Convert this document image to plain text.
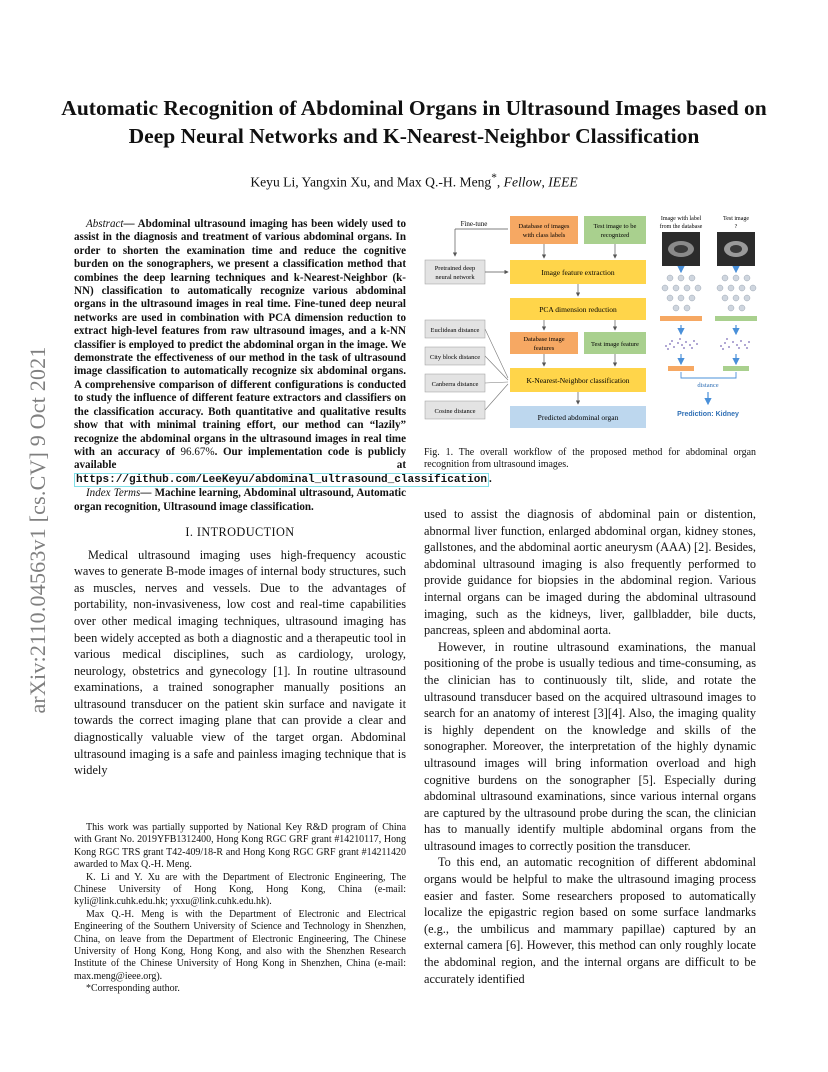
arXiv:2110.04563v1 [cs.CV] 9 Oct 2021
Automatic Recognition of Abdominal Organs in Ultrasound Images based on Deep Neural Networks and K-Nearest-Neighbor Classification
Keyu Li, Yangxin Xu, and Max Q.-H. Meng*, Fellow, IEEE

Abstract— Abdominal ultrasound imaging has been widely used to assist in the diagnosis and treatment of various abdominal organs. In order to shorten the examination time and reduce the cognitive burden on the sonographers, we present a classification method that combines the deep learning techniques and k-Nearest-Neighbor (k-NN) classification to automatically recognize various abdominal organs in the ultrasound images in real time. Fine-tuned deep neural networks are used in combination with PCA dimension reduction to extract high-level features from raw ultrasound images, and a k-NN classifier is employed to predict the abdominal organ in the image. We demonstrate the effectiveness of our method in the task of ultrasound image classification to automatically recognize six abdominal organs. A comprehensive comparison of different configurations is conducted to study the influence of different feature extractors and classifiers on the classification accuracy. Both quantitative and qualitative results show that with minimal training effort, our method can “lazily” recognize the abdominal organs in the ultrasound images in real time with an accuracy of 96.67%. Our implementation code is publicly available at https://github.com/LeeKeyu/abdominal_ultrasound_classification .

Index Terms— Machine learning, Abdominal ultrasound, Automatic organ recognition, Ultrasound image classification.

I. INTRODUCTION

Medical ultrasound imaging uses high-frequency acoustic waves to generate B-mode images of internal body structures, such as muscles, nerves and vessels. Due to the advantages of portability, non-invasiveness, low cost and real-time capabilities over other medical imaging techniques, ultrasound imaging has been widely accepted as both a diagnostic and a therapeutic tool in various medical disciplines, such as cardiology, urology, neurology, obstetrics and gynecology [1]. In routine ultrasound examinations, a trained sonographer manually positions an ultrasound transducer on the patient skin surface and navigate it towards the correct imaging plane that can provide a clear and diagnostically valuable view of the target organ. Abdominal ultrasound imaging is a safe and painless imaging technique that is widely

This work was partially supported by National Key R&D program of China with Grant No. 2019YFB1312400, Hong Kong RGC GRF grant #14210117, Hong Kong RGC TRS grant T42-409/18-R and Hong Kong RGC GRF grant #14211420 awarded to Max Q.-H. Meng.

K. Li and Y. Xu are with the Department of Electronic Engineering, The Chinese University of Hong Kong, Hong Kong, China (e-mail: kyli@link.cuhk.edu.hk; yxxu@link.cuhk.edu.hk).

Max Q.-H. Meng is with the Department of Electronic and Electrical Engineering of the Southern University of Science and Technology in Shenzhen, China, on leave from the Department of Electronic Engineering, The Chinese University of Hong Kong, Hong Kong, and also with the Shenzhen Research Institute of the Chinese University of Hong Kong in Shenzhen, China (e-mail: max.meng@ieee.org).

*Corresponding author.

Fine-tune	Database of images
with class labels
Test image to be
recognized
Pretrained deep
neural network
Image feature extraction
PCA dimension reduction
Database image
features
Test image feature
Euclidean distance
City block distance
Canberra distance
Cosine distance
K-Nearest-Neighbor classification
Predicted abdominal organ
Image with label
from the database
Test image
?
distance
Prediction: Kidney
Fig. 1. The overall workflow of the proposed method for abdominal organ recognition from ultrasound images.

used to assist the diagnosis of abdominal pain or distention, abnormal liver function, enlarged abdominal organ, kidney stones, gallstones, and the abdominal aortic aneurysm (AAA) [2]. Besides, abdominal ultrasound imaging is also frequently performed to provide guidance for biopsies in the abdominal region. Various internal organs can be imaged during the abdominal ultrasound imaging, such as the kidneys, liver, gallbladder, bile ducts, pancreas, spleen and abdominal aorta.

However, in routine ultrasound examinations, the manual positioning of the probe is usually tedious and time-consuming, as the clinician has to continuously tilt, slide, and rotate the ultrasound transducer based on the acquired ultrasound images to search for an anatomy of interest [3][4]. Also, the imaging quality is highly dependent on the knowledge and skills of the sonographer. Moreover, the interpretation of the highly dynamic ultrasound images will bring information overload and high cognitive burdens on the sonographer [5]. Especially during abdominal ultrasound examinations, since various internal organs are captured by the ultrasound probe during the scan, the clinician has to manually identify multiple abdominal organs from the ultrasound images to correctly position the transducer.

To this end, an automatic recognition of different abdominal organs would be helpful to make the ultrasound imaging process easier and faster. Some researchers proposed to automatically localize the epigastric region based on some surface landmarks (e.g., the umbilicus and mammary papillae) captured by an external camera [6]. However, this method can only roughly locate the abdominal region, and the internal organs are difficult to be accurately identified
